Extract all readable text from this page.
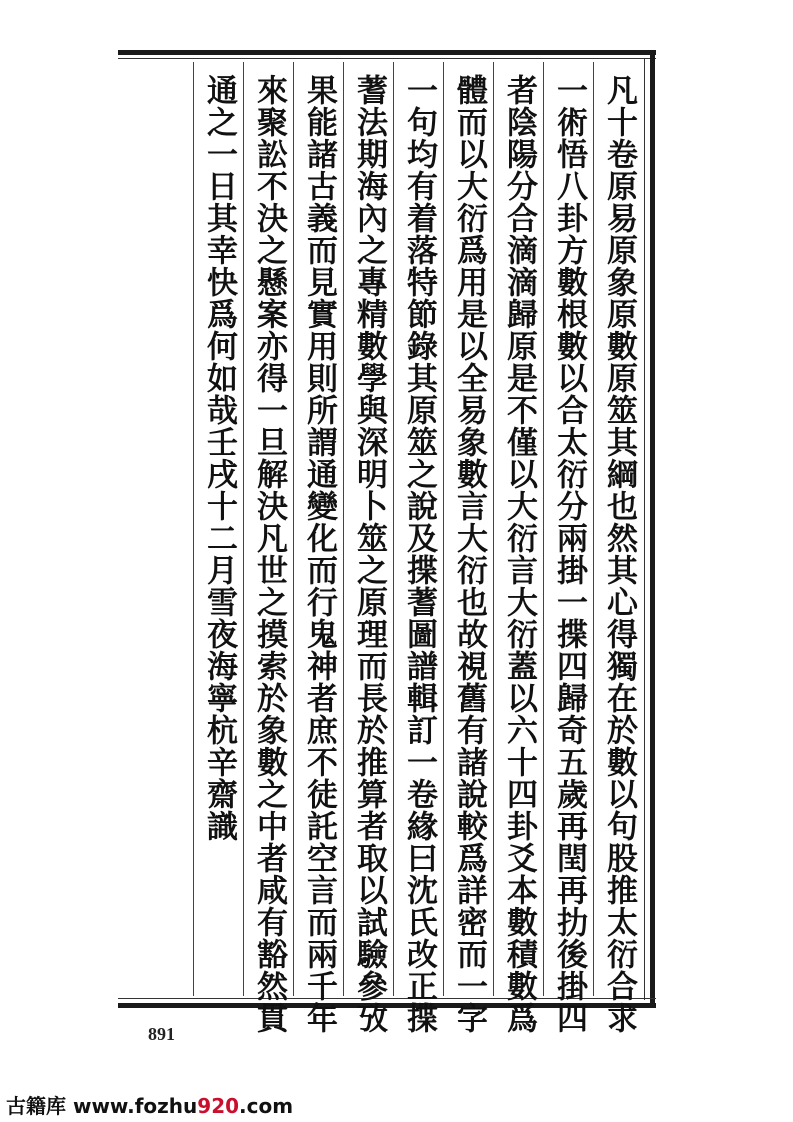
凡十卷原易原象原數原筮其綱也然其心得獨在於數以句股推太衍合求
一術悟八卦方數根數以合太衍分兩掛一揲四歸奇五歲再閏再扐後掛四
者陰陽分合滴滴歸原是不僅以大衍言大衍蓋以六十四卦爻本數積數爲
體而以大衍爲用是以全易象數言大衍也故視舊有諸說較爲詳密而一字
一句均有着落特節錄其原筮之說及揲蓍圖譜輯訂一卷緣曰沈氏改正揲
蓍法期海內之專精數學與深明卜筮之原理而長於推算者取以試驗參攷
果能諸古義而見實用則所謂通變化而行鬼神者庶不徒託空言而兩千年
來聚訟不決之懸案亦得一旦解決凡世之摸索於象數之中者咸有豁然貫
通之一日其幸快爲何如哉壬戌十二月雪夜海寧杭辛齋識
891
古籍库 www.fozhu920.com
